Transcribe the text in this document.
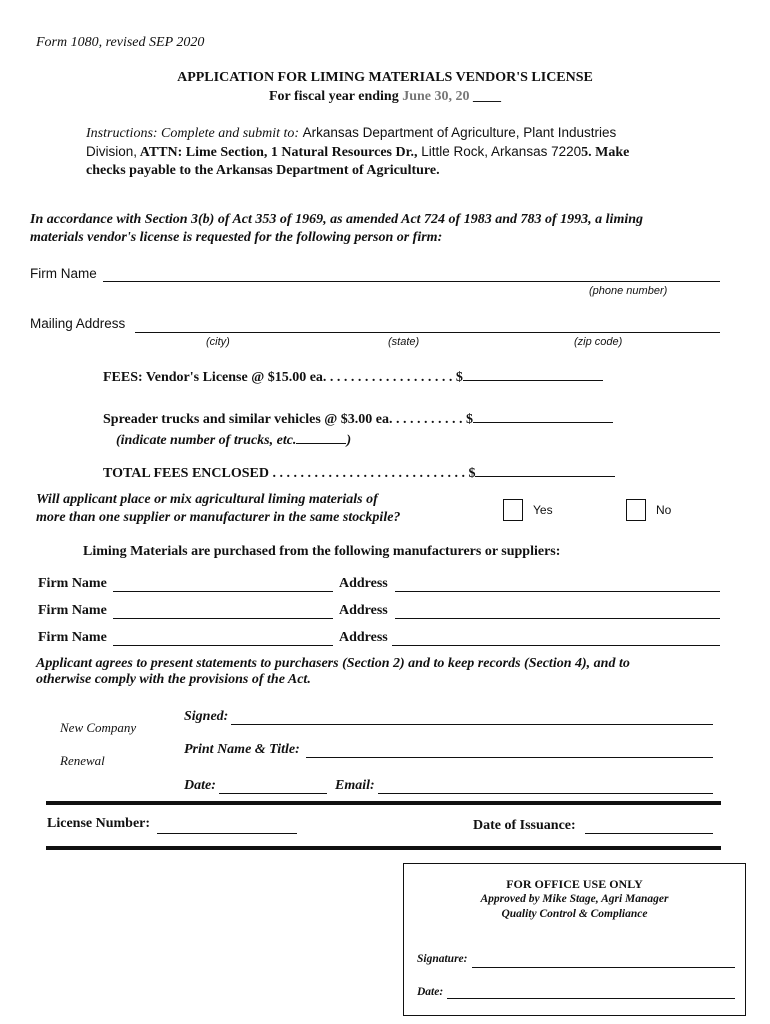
Form 1080, revised SEP 2020
APPLICATION FOR LIMING MATERIALS VENDOR'S LICENSE
For fiscal year ending June 30, 20 ____
Instructions: Complete and submit to: Arkansas Department of Agriculture, Plant Industries
Division, ATTN: Lime Section, 1 Natural Resources Dr., Little Rock, Arkansas 72205. Make
checks payable to the Arkansas Department of Agriculture.
In accordance with Section 3(b) of Act 353 of 1969, as amended Act 724 of 1983 and 783 of 1993, a liming
materials vendor's license is requested for the following person or firm:
Firm Name
(phone number)
Mailing Address
(city)	(state)	(zip code)
FEES: Vendor's License @ $15.00 ea. . . . . . . . . . . . . . . . . . . $
Spreader trucks and similar vehicles @ $3.00 ea. . . . . . . . . . . $
(indicate number of trucks, etc.	)
TOTAL FEES ENCLOSED . . . . . . . . . . . . . . . . . . . . . . . . . . . . $
Will applicant place or mix agricultural liming materials of
more than one supplier or manufacturer in the same stockpile?	Yes	No
Liming Materials are purchased from the following manufacturers or suppliers:
Firm Name	Address
Firm Name	Address
Firm Name	Address
Applicant agrees to present statements to purchasers (Section 2) and to keep records (Section 4), and to
otherwise comply with the provisions of the Act.
New Company
Renewal
Signed:
Print Name & Title:
Date:	Email:
License Number:	Date of Issuance:
FOR OFFICE USE ONLY
Approved by Mike Stage, Agri Manager
Quality Control & Compliance
Signature:
Date:
